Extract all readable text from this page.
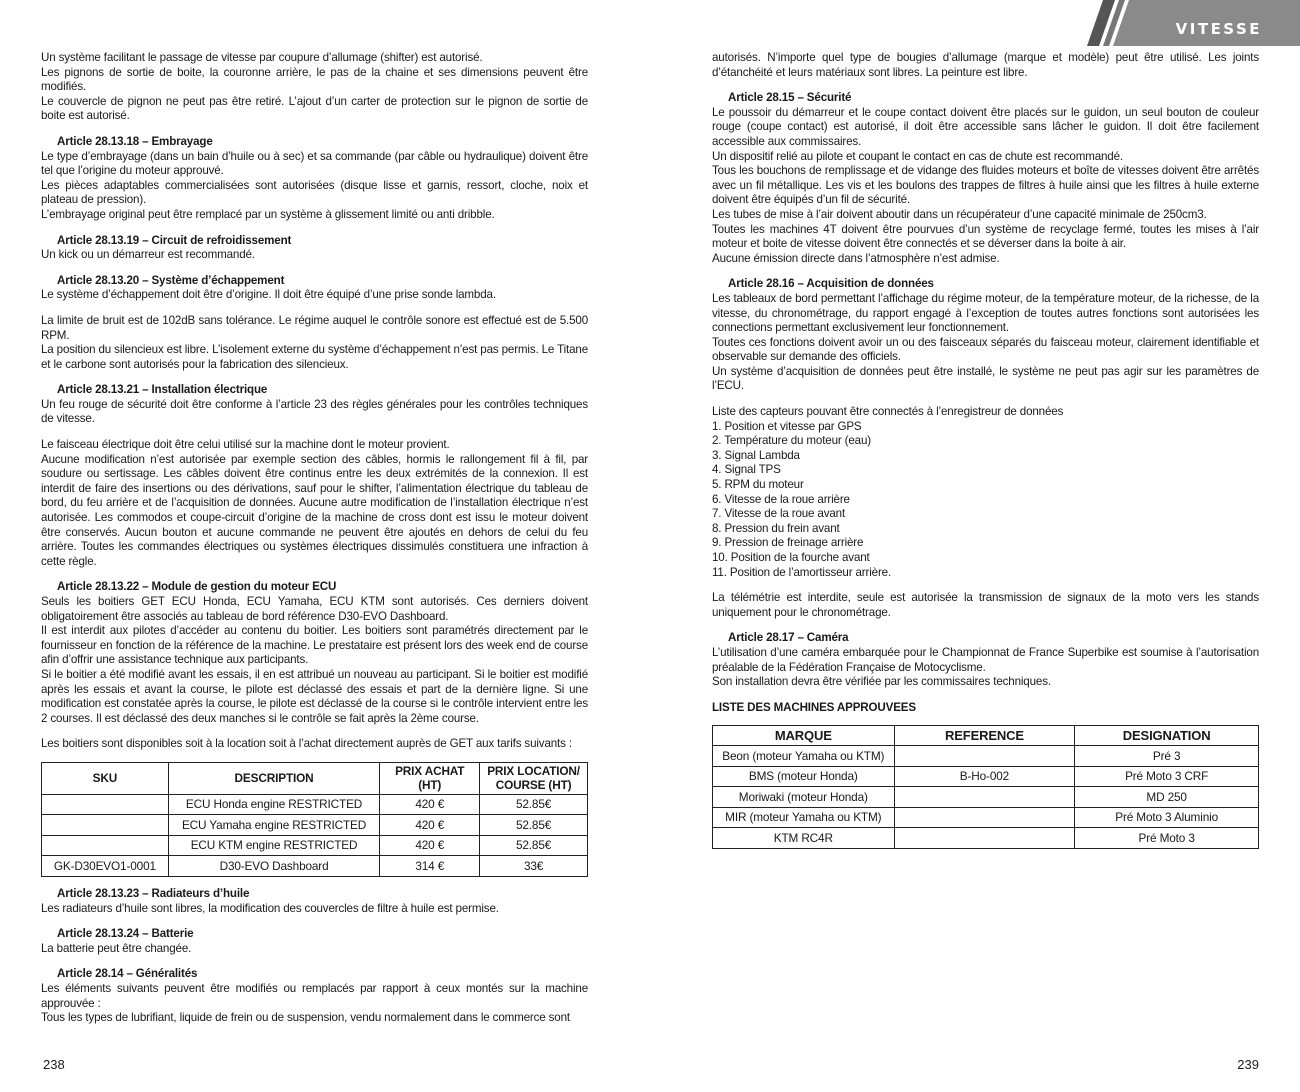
VITESSE

Un système facilitant le passage de vitesse par coupure d’allumage (shifter) est autorisé.

Les pignons de sortie de boite, la couronne arrière, le pas de la chaine et ses dimensions peuvent être modifiés.

Le couvercle de pignon ne peut pas être retiré. L’ajout d’un carter de protection sur le pignon de sortie de boite est autorisé.

Article 28.13.18 – Embrayage

Le type d’embrayage (dans un bain d’huile ou à sec) et sa commande (par câble ou hydraulique) doivent être tel que l’origine du moteur approuvé.

Les pièces adaptables commercialisées sont autorisées (disque lisse et garnis, ressort, cloche, noix et plateau de pression).

L’embrayage original peut être remplacé par un système à glissement limité ou anti dribble.

Article 28.13.19 – Circuit de refroidissement

Un kick ou un démarreur est recommandé.

Article 28.13.20 – Système d’échappement

Le système d’échappement doit être d’origine. Il doit être équipé d’une prise sonde lambda.

La limite de bruit est de 102dB sans tolérance. Le régime auquel le contrôle sonore est effectué est de 5.500 RPM.

La position du silencieux est libre. L’isolement externe du système d’échappement n’est pas permis. Le Titane et le carbone sont autorisés pour la fabrication des silencieux.

Article 28.13.21 – Installation électrique

Un feu rouge de sécurité doit être conforme à l’article 23 des règles générales pour les contrôles techniques de vitesse.

Le faisceau électrique doit être celui utilisé sur la machine dont le moteur provient.

Aucune modification n’est autorisée par exemple section des câbles, hormis le rallongement fil à fil, par soudure ou sertissage. Les câbles doivent être continus entre les deux extrémités de la connexion. Il est interdit de faire des insertions ou des dérivations, sauf pour le shifter, l’alimentation électrique du tableau de bord, du feu arrière et de l’acquisition de données. Aucune autre modification de l’installation électrique n’est autorisée. Les commodos et coupe-circuit d’origine de la machine de cross dont est issu le moteur doivent être conservés. Aucun bouton et aucune commande ne peuvent être ajoutés en dehors de celui du feu arrière. Toutes les commandes électriques ou systèmes électriques dissimulés constituera une infraction à cette règle.

Article 28.13.22 – Module de gestion du moteur ECU

Seuls les boitiers GET ECU Honda, ECU Yamaha, ECU KTM sont autorisés. Ces derniers doivent obligatoirement être associés au tableau de bord référence D30-EVO Dashboard.

Il est interdit aux pilotes d’accéder au contenu du boitier. Les boitiers sont paramétrés directement par le fournisseur en fonction de la référence de la machine. Le prestataire est présent lors des week end de course afin d’offrir une assistance technique aux participants.

Si le boitier a été modifié avant les essais, il en est attribué un nouveau au participant. Si le boitier est modifié après les essais et avant la course, le pilote est déclassé des essais et part de la dernière ligne. Si une modification est constatée après la course, le pilote est déclassé de la course si le contrôle intervient entre les 2 courses. Il est déclassé des deux manches si le contrôle se fait après la 2ème course.

Les boitiers sont disponibles soit à la location soit à l’achat directement auprès de GET aux tarifs suivants :

SKU	DESCRIPTION	PRIX ACHAT (HT)	PRIX LOCATION/ COURSE (HT)
	ECU Honda engine RESTRICTED	420 €	52.85€
	ECU Yamaha engine RESTRICTED	420 €	52.85€
	ECU KTM engine RESTRICTED	420 €	52.85€
GK-D30EVO1-0001	D30-EVO Dashboard	314 €	33€
Article 28.13.23 – Radiateurs d’huile

Les radiateurs d’huile sont libres, la modification des couvercles de filtre à huile est permise.

Article 28.13.24 – Batterie

La batterie peut être changée.

Article 28.14 – Généralités

Les éléments suivants peuvent être modifiés ou remplacés par rapport à ceux montés sur la machine approuvée :

Tous les types de lubrifiant, liquide de frein ou de suspension, vendu normalement dans le commerce sont

238

autorisés. N’importe quel type de bougies d’allumage (marque et modèle) peut être utilisé. Les joints d’étanchéité et leurs matériaux sont libres. La peinture est libre.

Article 28.15 – Sécurité

Le poussoir du démarreur et le coupe contact doivent être placés sur le guidon, un seul bouton de couleur rouge (coupe contact) est autorisé, il doit être accessible sans lâcher le guidon. Il doit être facilement accessible aux commissaires.

Un dispositif relié au pilote et coupant le contact en cas de chute est recommandé.

Tous les bouchons de remplissage et de vidange des fluides moteurs et boîte de vitesses doivent être arrêtés avec un fil métallique. Les vis et les boulons des trappes de filtres à huile ainsi que les filtres à huile externe doivent être équipés d’un fil de sécurité.

Les tubes de mise à l’air doivent aboutir dans un récupérateur d’une capacité minimale de 250cm3.

Toutes les machines 4T doivent être pourvues d’un système de recyclage fermé, toutes les mises à l’air moteur et boite de vitesse doivent être connectés et se déverser dans la boite à air.

Aucune émission directe dans l’atmosphère n’est admise.

Article 28.16 – Acquisition de données

Les tableaux de bord permettant l’affichage du régime moteur, de la température moteur, de la richesse, de la vitesse, du chronométrage, du rapport engagé à l’exception de toutes autres fonctions sont autorisées les connections permettant exclusivement leur fonctionnement.

Toutes ces fonctions doivent avoir un ou des faisceaux séparés du faisceau moteur, clairement identifiable et observable sur demande des officiels.

Un système d’acquisition de données peut être installé, le système ne peut pas agir sur les paramètres de l’ECU.

Liste des capteurs pouvant être connectés à l’enregistreur de données

1. Position et vitesse par GPS
2. Température du moteur (eau)
3. Signal Lambda
4. Signal TPS
5. RPM du moteur
6. Vitesse de la roue arrière
7. Vitesse de la roue avant
8. Pression du frein avant
9. Pression de freinage arrière
10. Position de la fourche avant
11. Position de l’amortisseur arrière.

La télémétrie est interdite, seule est autorisée la transmission de signaux de la moto vers les stands uniquement pour le chronométrage.

Article 28.17 – Caméra

L’utilisation d’une caméra embarquée pour le Championnat de France Superbike est soumise à l’autorisation préalable de la Fédération Française de Motocyclisme.

Son installation devra être vérifiée par les commissaires techniques.

LISTE DES MACHINES APPROUVEES
MARQUE	REFERENCE	DESIGNATION
Beon (moteur Yamaha ou KTM)		Pré 3
BMS (moteur Honda)	B-Ho-002	Pré Moto 3 CRF
Moriwaki (moteur Honda)		MD 250
MIR (moteur Yamaha ou KTM)		Pré Moto 3 Aluminio
KTM RC4R		Pré Moto 3
239
